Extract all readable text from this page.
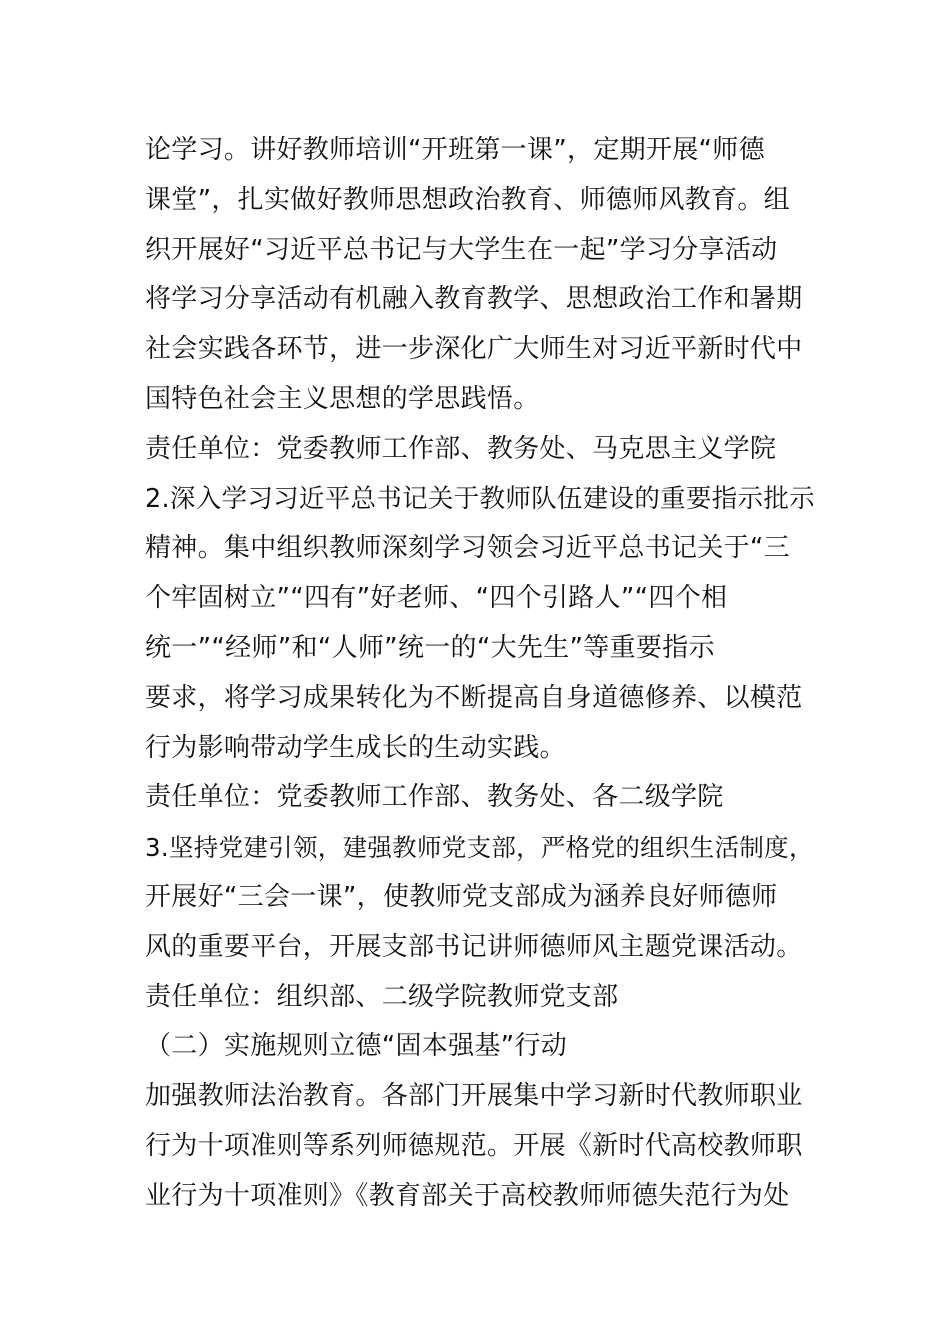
论学习。讲好教师培训“开班第一课”，定期开展“师德
课堂”，扎实做好教师思想政治教育、师德师风教育。组
织开展好“习近平总书记与大学生在一起”学习分享活动
将学习分享活动有机融入教育教学、思想政治工作和暑期
社会实践各环节，进一步深化广大师生对习近平新时代中
国特色社会主义思想的学思践悟。
责任单位：党委教师工作部、教务处、马克思主义学院
2.深入学习习近平总书记关于教师队伍建设的重要指示批示
精神。集中组织教师深刻学习领会习近平总书记关于“三
个牢固树立”“四有”好老师、“四个引路人”“四个相
统一”“经师”和“人师”统一的“大先生”等重要指示
要求，将学习成果转化为不断提高自身道德修养、以模范
行为影响带动学生成长的生动实践。
责任单位：党委教师工作部、教务处、各二级学院
3.坚持党建引领，建强教师党支部，严格党的组织生活制度，
开展好“三会一课”，使教师党支部成为涵养良好师德师
风的重要平台，开展支部书记讲师德师风主题党课活动。
责任单位：组织部、二级学院教师党支部
（二）实施规则立德“固本强基”行动
加强教师法治教育。各部门开展集中学习新时代教师职业
行为十项准则等系列师德规范。开展《新时代高校教师职
业行为十项准则》《教育部关于高校教师师德失范行为处
